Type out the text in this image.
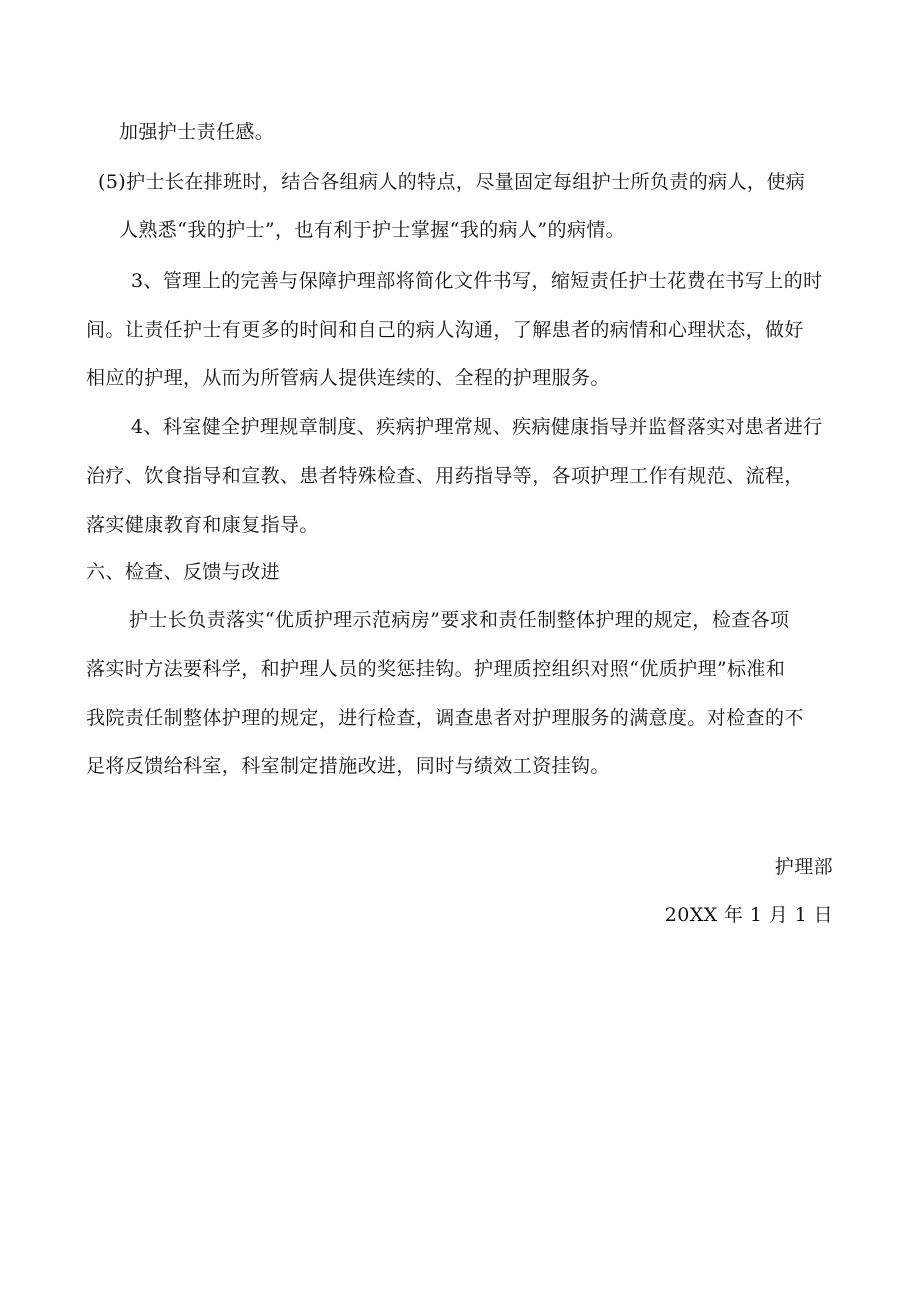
加强护士责任感。
(5)护士长在排班时，结合各组病人的特点，尽量固定每组护士所负责的病人，使病
人熟悉“我的护士”，也有利于护士掌握“我的病人”的病情。
3、管理上的完善与保障护理部将简化文件书写，缩短责任护士花费在书写上的时
间。让责任护士有更多的时间和自己的病人沟通，了解患者的病情和心理状态，做好
相应的护理，从而为所管病人提供连续的、全程的护理服务。
4、科室健全护理规章制度、疾病护理常规、疾病健康指导并监督落实对患者进行
治疗、饮食指导和宣教、患者特殊检查、用药指导等，各项护理工作有规范、流程，
落实健康教育和康复指导。
六、检查、反馈与改进
护士长负责落实“优质护理示范病房”要求和责任制整体护理的规定，检查各项
落实时方法要科学，和护理人员的奖惩挂钩。护理质控组织对照“优质护理”标准和
我院责任制整体护理的规定，进行检查，调查患者对护理服务的满意度。对检查的不
足将反馈给科室，科室制定措施改进，同时与绩效工资挂钩。
护理部
20XX 年 1 月 1 日
